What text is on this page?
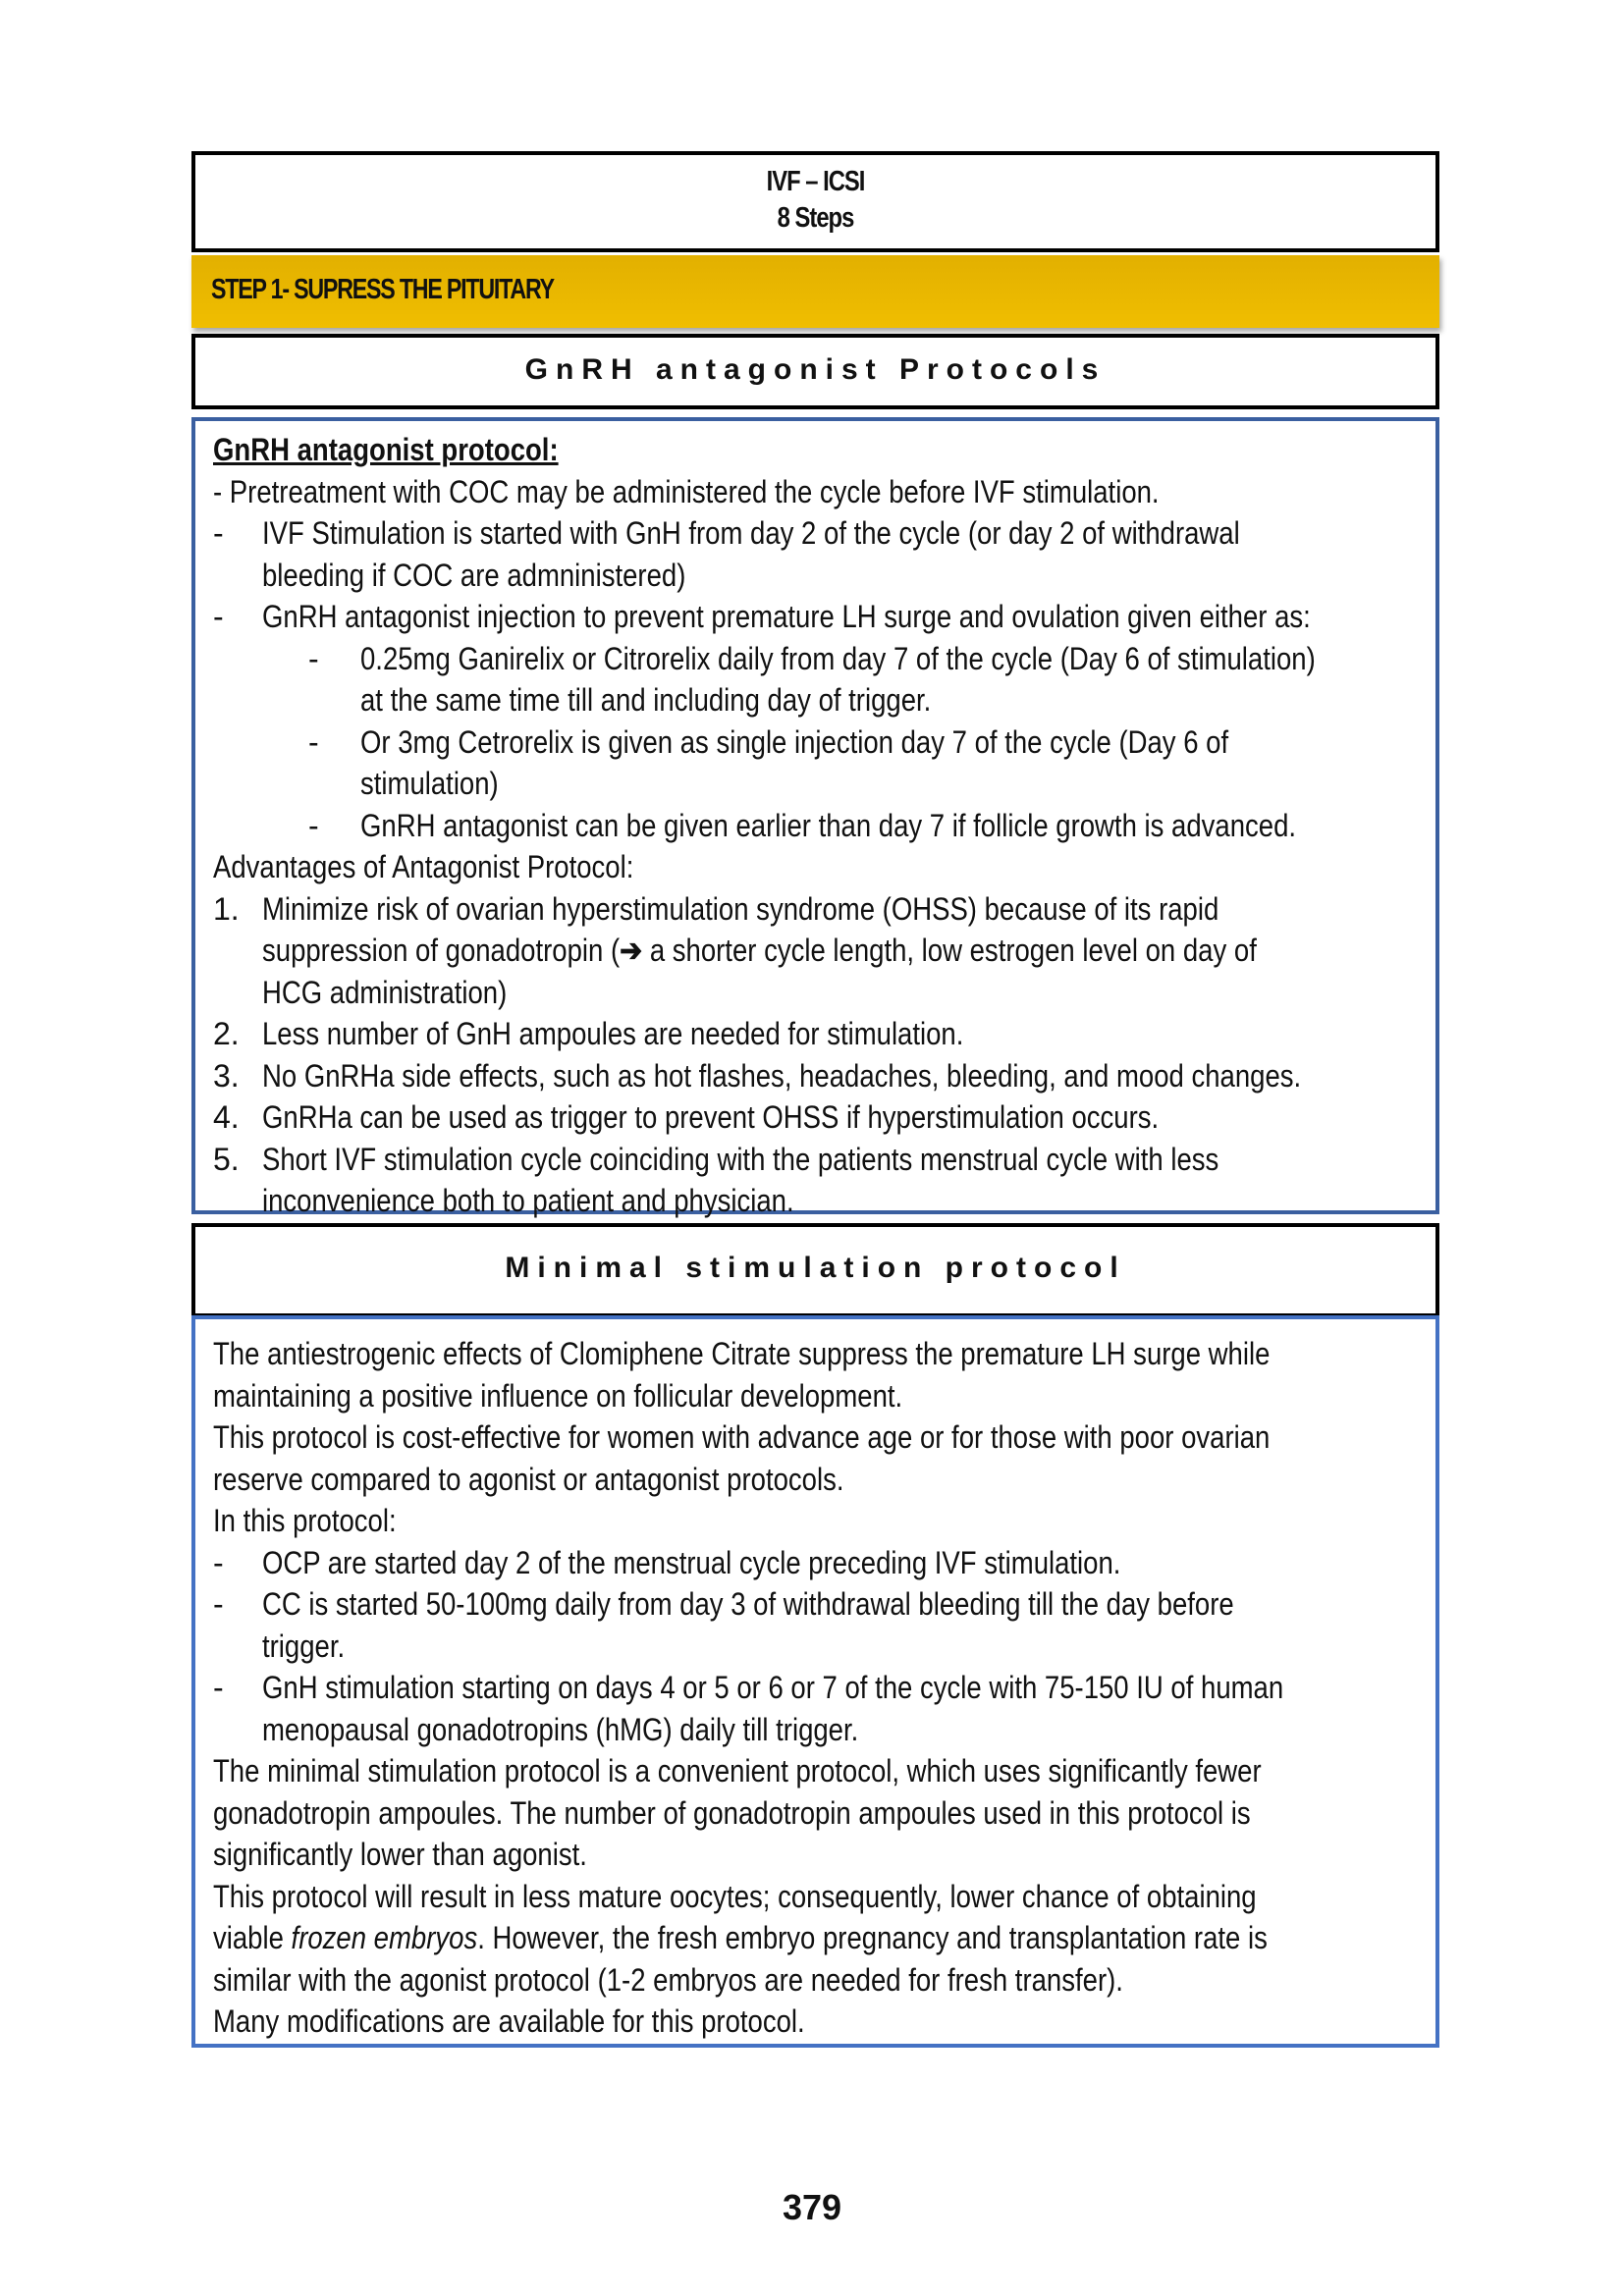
IVF – ICSI
8 Steps
STEP 1- SUPRESS THE PITUITARY
GnRH antagonist Protocols
GnRH antagonist protocol:
- Pretreatment with COC may be administered the cycle before IVF stimulation.
- IVF Stimulation is started with GnH from day 2 of the cycle (or day 2 of withdrawal
bleeding if COC are admninistered)
- GnRH antagonist injection to prevent premature LH surge and ovulation given either as:
- 0.25mg Ganirelix or Citrorelix daily from day 7 of the cycle (Day 6 of stimulation)
at the same time till and including day of trigger.
- Or 3mg Cetrorelix is given as single injection day 7 of the cycle (Day 6 of
stimulation)
- GnRH antagonist can be given earlier than day 7 if follicle growth is advanced.
Advantages of Antagonist Protocol:
1. Minimize risk of ovarian hyperstimulation syndrome (OHSS) because of its rapid
suppression of gonadotropin (➔ a shorter cycle length, low estrogen level on day of
HCG administration)
2. Less number of GnH ampoules are needed for stimulation.
3. No GnRHa side effects, such as hot flashes, headaches, bleeding, and mood changes.
4. GnRHa can be used as trigger to prevent OHSS if hyperstimulation occurs.
5. Short IVF stimulation cycle coinciding with the patients menstrual cycle with less
inconvenience both to patient and physician.
Minimal stimulation protocol
The antiestrogenic effects of Clomiphene Citrate suppress the premature LH surge while
maintaining a positive influence on follicular development.
This protocol is cost-effective for women with advance age or for those with poor ovarian
reserve compared to agonist or antagonist protocols.
In this protocol:
- OCP are started day 2 of the menstrual cycle preceding IVF stimulation.
- CC is started 50-100mg daily from day 3 of withdrawal bleeding till the day before
trigger.
- GnH stimulation starting on days 4 or 5 or 6 or 7 of the cycle with 75-150 IU of human
menopausal gonadotropins (hMG) daily till trigger.
The minimal stimulation protocol is a convenient protocol, which uses significantly fewer
gonadotropin ampoules. The number of gonadotropin ampoules used in this protocol is
significantly lower than agonist.
This protocol will result in less mature oocytes; consequently, lower chance of obtaining
viable frozen embryos. However, the fresh embryo pregnancy and transplantation rate is
similar with the agonist protocol (1-2 embryos are needed for fresh transfer).
Many modifications are available for this protocol.
379
